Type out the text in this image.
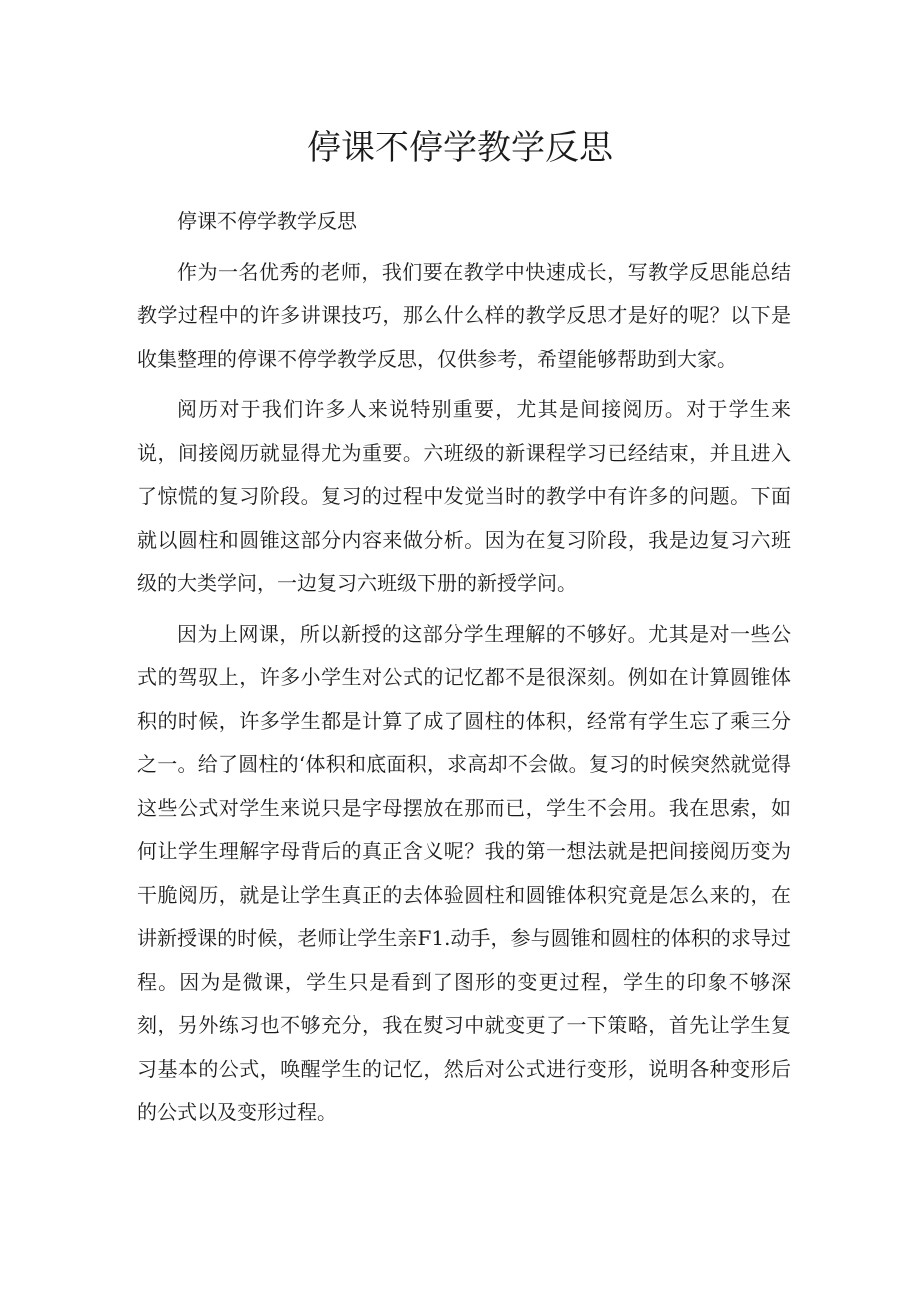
停课不停学教学反思

停课不停学教学反思

作为一名优秀的老师，我们要在教学中快速成长，写教学反思能总结教学过程中的许多讲课技巧，那么什么样的教学反思才是好的呢？以下是收集整理的停课不停学教学反思，仅供参考，希望能够帮助到大家。

阅历对于我们许多人来说特别重要，尤其是间接阅历。对于学生来说，间接阅历就显得尤为重要。六班级的新课程学习已经结束，并且进入了惊慌的复习阶段。复习的过程中发觉当时的教学中有许多的问题。下面就以圆柱和圆锥这部分内容来做分析。因为在复习阶段，我是边复习六班级的大类学问，一边复习六班级下册的新授学问。

因为上网课，所以新授的这部分学生理解的不够好。尤其是对一些公式的驾驭上，许多小学生对公式的记忆都不是很深刻。例如在计算圆锥体积的时候，许多学生都是计算了成了圆柱的体积，经常有学生忘了乘三分之一。给了圆柱的‘体积和底面积，求高却不会做。复习的时候突然就觉得这些公式对学生来说只是字母摆放在那而已，学生不会用。我在思索，如何让学生理解字母背后的真正含义呢？我的第一想法就是把间接阅历变为干脆阅历，就是让学生真正的去体验圆柱和圆锥体积究竟是怎么来的，在讲新授课的时候，老师让学生亲F1.动手，参与圆锥和圆柱的体积的求导过程。因为是微课，学生只是看到了图形的变更过程，学生的印象不够深刻，另外练习也不够充分，我在熨习中就变更了一下策略，首先让学生复习基本的公式，唤醒学生的记忆，然后对公式进行变形，说明各种变形后的公式以及变形过程。
